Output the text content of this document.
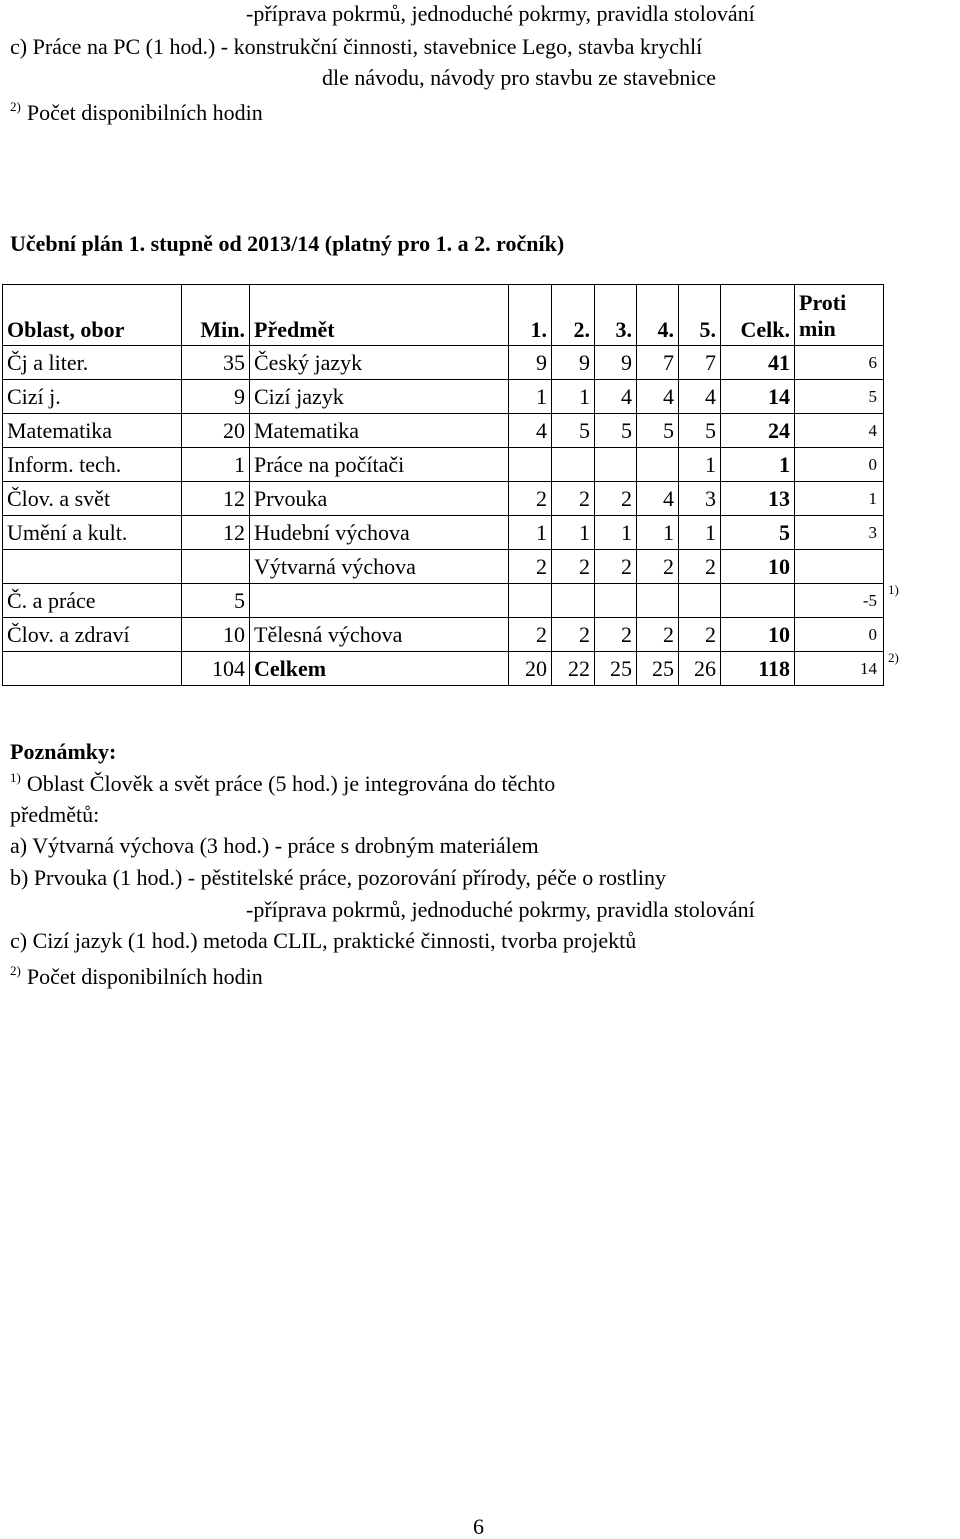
-příprava pokrmů, jednoduché pokrmy, pravidla stolování
c) Práce na PC (1 hod.) - konstrukční činnosti, stavebnice Lego, stavba krychlí
dle návodu, návody pro stavbu ze stavebnice
$^{2)}$ Počet disponibilních hodin
Učební plán 1. stupně od 2013/14 (platný pro 1. a 2. ročník)
Oblast, obor	Min.	Předmět	1.	2.	3.	4.	5.	Celk.	Proti
min

Čj a liter.	35	Český jazyk	9	9	9	7	7	41	6
Cizí j.	9	Cizí jazyk	1	1	4	4	4	14	5
Matematika	20	Matematika	4	5	5	5	5	24	4
Inform. tech.	1	Práce na počítači					1	1	0
Člov. a svět	12	Prvouka	2	2	2	4	3	13	1
Umění a kult.	12	Hudební výchova	1	1	1	1	1	5	3
		Výtvarná výchova	2	2	2	2	2	10	
Č. a práce	5								-5
Člov. a zdraví	10	Tělesná výchova	2	2	2	2	2	10	0
	104	Celkem	20	22	25	25	26	118	14
1)
2)
Poznámky:
$^{1)}$ Oblast Člověk a svět práce (5 hod.) je integrována do těchto
předmětů:
a) Výtvarná výchova (3 hod.) - práce s drobným materiálem
b) Prvouka (1 hod.) - pěstitelské práce, pozorování přírody, péče o rostliny
-příprava pokrmů, jednoduché pokrmy, pravidla stolování
c) Cizí jazyk (1 hod.) metoda CLIL, praktické činnosti, tvorba projektů
$^{2)}$ Počet disponibilních hodin
6
